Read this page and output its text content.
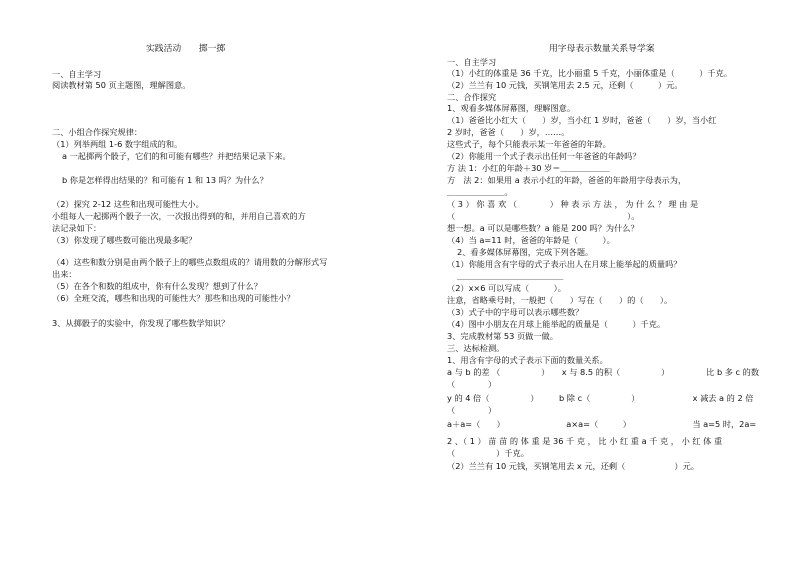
实践活动　　掷一掷
一、自主学习
阅读教材第 50 页主题图，理解图意。
二、小组合作探究规律：
（1）列举两组 1-6 数字组成的和。
a 一起掷两个骰子，它们的和可能有哪些？并把结果记录下来。
b 你是怎样得出结果的？和可能有 1 和 13 吗？为什么？
（2）探究 2-12 这些和出现可能性大小。
小组每人一起掷两个骰子一次，一次报出得到的和，并用自己喜欢的方
法记录如下：
（3）你发现了哪些数可能出现最多呢？
（4）这些和数分别是由两个骰子上的哪些点数组成的？请用数的分解形式写
出来：
（5）在各个和数的组成中，你有什么发现？想到了什么？
（6）全班交流，哪些和出现的可能性大？那些和出现的可能性小？
3、从掷骰子的实验中，你发现了哪些数学知识？
用字母表示数量关系导学案
一、自主学习
（1）小红的体重是 36 千克，比小丽重 5 千克，小丽体重是（　　　）千克。
（2）兰兰有 10 元钱，买钢笔用去 2.5 元，还剩（　　　）元。
二、合作探究
1、观看多媒体屏幕图，理解图意。
（1）爸爸比小红大（　　）岁，当小红 1 岁时，爸爸（　　）岁，当小红
2 岁时，爸爸（　　）岁，……。
这些式子，每个只能表示某一年爸爸的年龄。
（2）你能用一个式子表示出任何一年爸爸的年龄吗？
方 法 1：小红的年龄＋30 岁＝＿＿＿＿＿＿
方　法 2：如果用 a 表示小红的年龄，爸爸的年龄用字母表示为，
＿＿＿＿＿＿＿。
（ 3 ） 你 喜 欢 （　　　　） 种 表 示 方 法 ， 为 什 么 ？ 理 由 是
（　　　　　　　　　　　　　　　　　　　　　）。
想一想。a 可以是哪些数？a 能是 200 吗？为什么？
（4）当 a=11 时，爸爸的年龄是（　　　）。
2、看多媒体屏幕图，完成下列各题。
（1）你能用含有字母的式子表示出人在月球上能举起的质量吗？
＿＿＿＿＿＿＿＿＿＿＿＿＿
（2）x×6 可以写成（　　　）。
注意，省略乘号时，一般把（　　）写在（　　）的（　　）。
（3）式子中的字母可以表示哪些数？
（4）图中小朋友在月球上能举起的质量是（　　　）千克。
3、完成教材第 53 页做一做。
三、达标检测。
1、用含有字母的式子表示下面的数量关系。
a 与 b 的差 （　　　　　）　　x 与 8.5 的积（　　　　　）　　　　　比 b 多 c 的数
（　　　　）
y 的 4 倍（　　　　　）　　　b 除 c（　　　　　）　　　　　　　x 减去 a 的 2 倍
（　　　　）
a＋a=（　　）　　　　　　　　a×a=（　　　）　　　　　　　　当 a=5 时，2a=
2 、（ 1 ） 苗 苗 的 体 重 是 36 千 克 ， 比 小 红 重 a 千 克 ， 小 红 体 重
（　　　　　）千克。
（2）兰兰有 10 元钱，买钢笔用去 x 元，还剩（　　　　　　）元。
